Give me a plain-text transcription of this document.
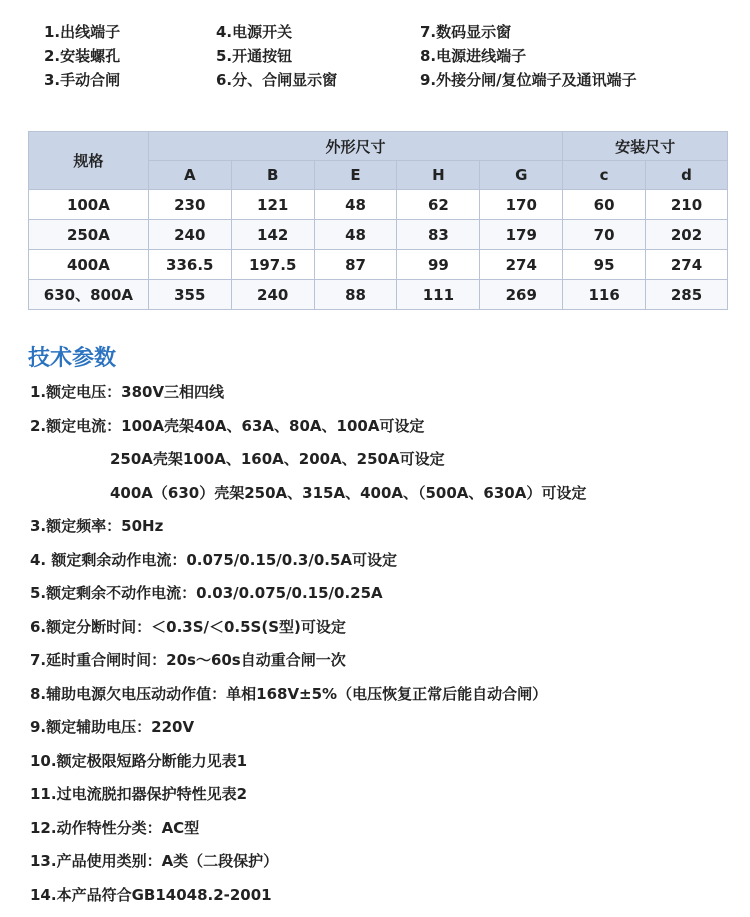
1.出线端子	4.电源开关	7.数码显示窗
2.安装螺孔	5.开通按钮	8.电源进线端子
3.手动合闸	6.分、合闸显示窗	9.外接分闸/复位端子及通讯端子
规格	外形尺寸					安装尺寸	
	A	B	E	H	G	c	d
100A	230	121	48	62	170	60	210
250A	240	142	48	83	179	70	202
400A	336.5	197.5	87	99	274	95	274
630、800A	355	240	88	111	269	116	285
技术参数
1.额定电压：380V三相四线
2.额定电流：100A壳架40A、63A、80A、100A可设定
250A壳架100A、160A、200A、250A可设定
400A（630）壳架250A、315A、400A、（500A、630A）可设定
3.额定频率：50Hz
4. 额定剩余动作电流：0.075/0.15/0.3/0.5A可设定
5.额定剩余不动作电流：0.03/0.075/0.15/0.25A
6.额定分断时间：＜0.3S/＜0.5S(S型)可设定
7.延时重合闸时间：20s～60s自动重合闸一次
8.辅助电源欠电压动动作值：单相168V±5%（电压恢复正常后能自动合闸）
9.额定辅助电压：220V
10.额定极限短路分断能力见表1
11.过电流脱扣器保护特性见表2
12.动作特性分类：AC型
13.产品使用类别：A类（二段保护）
14.本产品符合GB14048.2-2001
